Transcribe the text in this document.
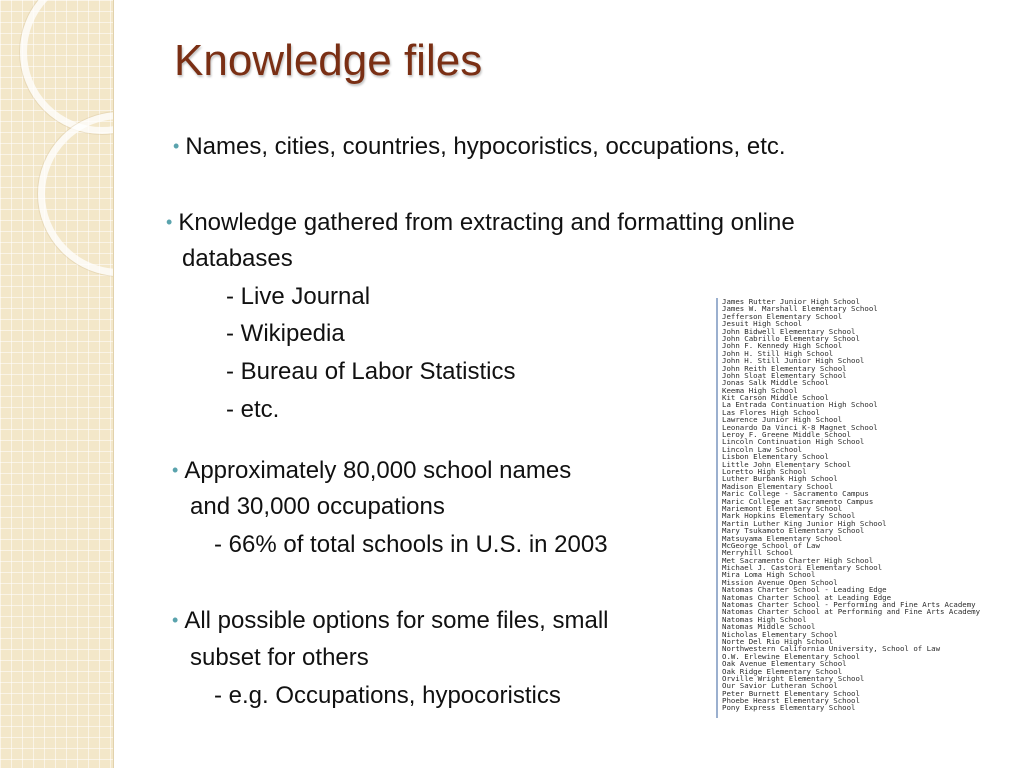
Knowledge files
• Names, cities, countries, hypocoristics, occupations, etc.
• Knowledge gathered from extracting and formatting online
databases
- Live Journal
- Wikipedia
- Bureau of Labor Statistics
- etc.
• Approximately 80,000 school names
and 30,000 occupations
- 66% of total schools in U.S. in 2003
• All possible options for some files, small
subset for others
- e.g. Occupations, hypocoristics
James Rutter Junior High School
James W. Marshall Elementary School
Jefferson Elementary School
Jesuit High School
John Bidwell Elementary School
John Cabrillo Elementary School
John F. Kennedy High School
John H. Still High School
John H. Still Junior High School
John Reith Elementary School
John Sloat Elementary School
Jonas Salk Middle School
Keema High School
Kit Carson Middle School
La Entrada Continuation High School
Las Flores High School
Lawrence Junior High School
Leonardo Da Vinci K-8 Magnet School
Leroy F. Greene Middle School
Lincoln Continuation High School
Lincoln Law School
Lisbon Elementary School
Little John Elementary School
Loretto High School
Luther Burbank High School
Madison Elementary School
Maric College - Sacramento Campus
Maric College at Sacramento Campus
Mariemont Elementary School
Mark Hopkins Elementary School
Martin Luther King Junior High School
Mary Tsukamoto Elementary School
Matsuyama Elementary School
McGeorge School of Law
Merryhill School
Met Sacramento Charter High School
Michael J. Castori Elementary School
Mira Loma High School
Mission Avenue Open School
Natomas Charter School - Leading Edge
Natomas Charter School at Leading Edge
Natomas Charter School - Performing and Fine Arts Academy
Natomas Charter School at Performing and Fine Arts Academy
Natomas High School
Natomas Middle School
Nicholas Elementary School
Norte Del Rio High School
Northwestern California University, School of Law
O.W. Erlewine Elementary School
Oak Avenue Elementary School
Oak Ridge Elementary School
Orville Wright Elementary School
Our Savior Lutheran School
Peter Burnett Elementary School
Phoebe Hearst Elementary School
Pony Express Elementary School
